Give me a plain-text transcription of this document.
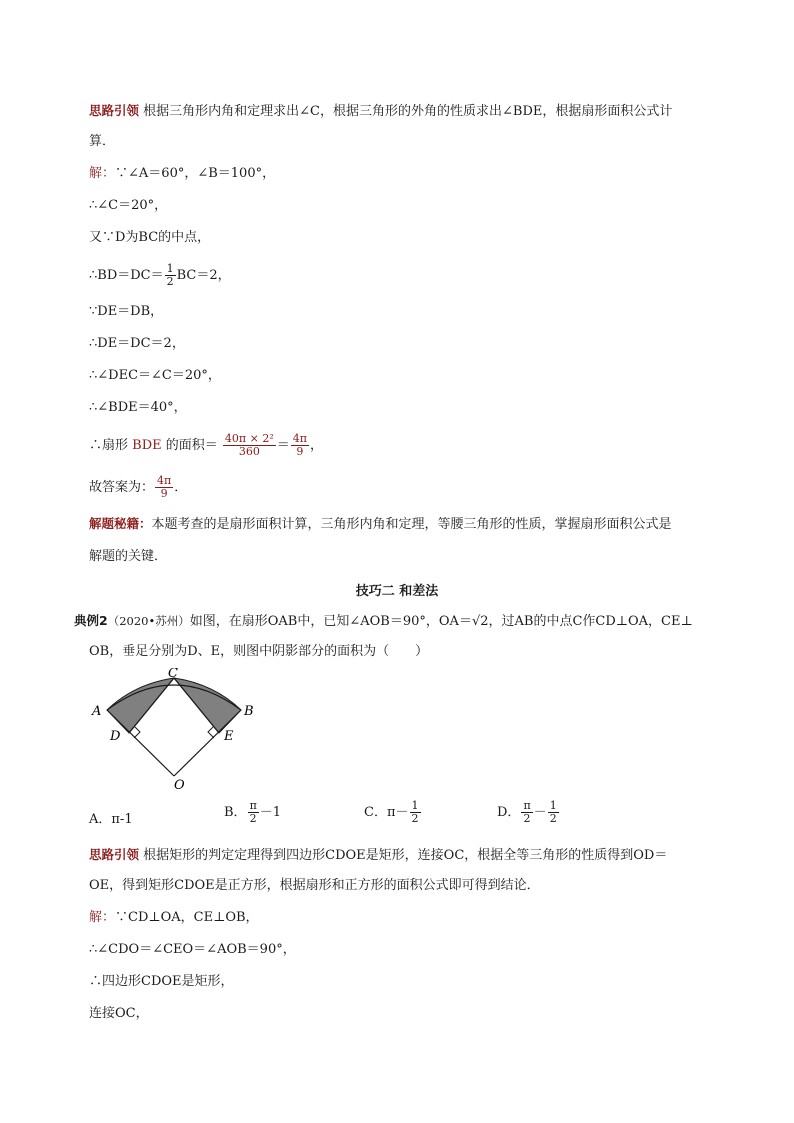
思路引领 根据三角形内角和定理求出∠C，根据三角形的外角的性质求出∠BDE，根据扇形面积公式计
算．
解：∵∠A＝60°，∠B＝100°，
∴∠C＝20°，
又∵D为BC的中点，
∴BD＝DC＝ $\frac{1}{2} BC=2$，
∵DE＝DB，
∴DE＝DC＝2，
∴∠DEC＝∠C＝20°，
∴∠BDE＝40°，
∴扇形 BDE 的面积＝ $\frac{\text{40π × 2²}}{360} = \frac{4\pi}{9}$ ，
故答案为： $\frac{4\pi}{9}$ ．
解题秘籍：本题考查的是扇形面积计算，三角形内角和定理，等腰三角形的性质，掌握扇形面积公式是
解题的关键．
技巧二 和差法
典例2（2020•苏州）如图，在扇形OAB中，已知∠AOB＝90°，OA＝√2，过AB的中点C作CD⊥OA，CE⊥
OB，垂足分别为D、E，则图中阴影部分的面积为（　　）
A	B
C
D	E
O
A．π-1	B． $\frac{\pi}{2} -1$	C．$\pi- \frac{1}{2}$	D． $\frac{\pi}{2} - \frac{1}{2}$
思路引领 根据矩形的判定定理得到四边形CDOE是矩形，连接OC，根据全等三角形的性质得到OD＝
OE，得到矩形CDOE是正方形，根据扇形和正方形的面积公式即可得到结论．
解：∵CD⊥OA，CE⊥OB，
∴∠CDO＝∠CEO＝∠AOB＝90°，
∴四边形CDOE是矩形，
连接OC，
